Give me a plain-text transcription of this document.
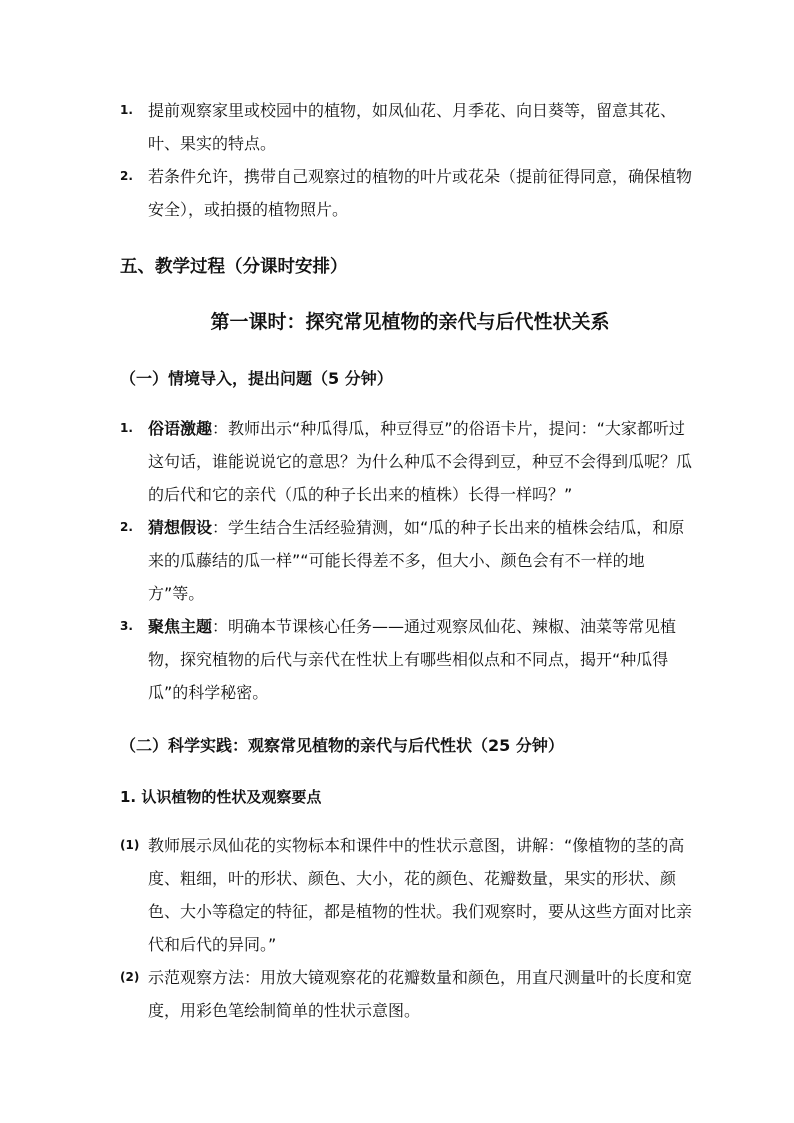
1. 提前观察家里或校园中的植物，如凤仙花、月季花、向日葵等，留意其花、叶、果实的特点。

2. 若条件允许，携带自己观察过的植物的叶片或花朵（提前征得同意，确保植物安全），或拍摄的植物照片。

五、教学过程（分课时安排）
第一课时：探究常见植物的亲代与后代性状关系
（一）情境导入，提出问题（5 分钟）

1. 俗语激趣：教师出示“种瓜得瓜，种豆得豆”的俗语卡片，提问：“大家都听过这句话，谁能说说它的意思？为什么种瓜不会得到豆，种豆不会得到瓜呢？瓜的后代和它的亲代（瓜的种子长出来的植株）长得一样吗？”

2. 猜想假设：学生结合生活经验猜测，如“瓜的种子长出来的植株会结瓜，和原来的瓜藤结的瓜一样”“可能长得差不多，但大小、颜色会有不一样的地方”等。

3. 聚焦主题：明确本节课核心任务——通过观察凤仙花、辣椒、油菜等常见植物，探究植物的后代与亲代在性状上有哪些相似点和不同点，揭开“种瓜得瓜”的科学秘密。

（二）科学实践：观察常见植物的亲代与后代性状（25 分钟）
1. 认识植物的性状及观察要点

(1) 教师展示凤仙花的实物标本和课件中的性状示意图，讲解：“像植物的茎的高度、粗细，叶的形状、颜色、大小，花的颜色、花瓣数量，果实的形状、颜色、大小等稳定的特征，都是植物的性状。我们观察时，要从这些方面对比亲代和后代的异同。”

(2) 示范观察方法：用放大镜观察花的花瓣数量和颜色，用直尺测量叶的长度和宽度，用彩色笔绘制简单的性状示意图。
